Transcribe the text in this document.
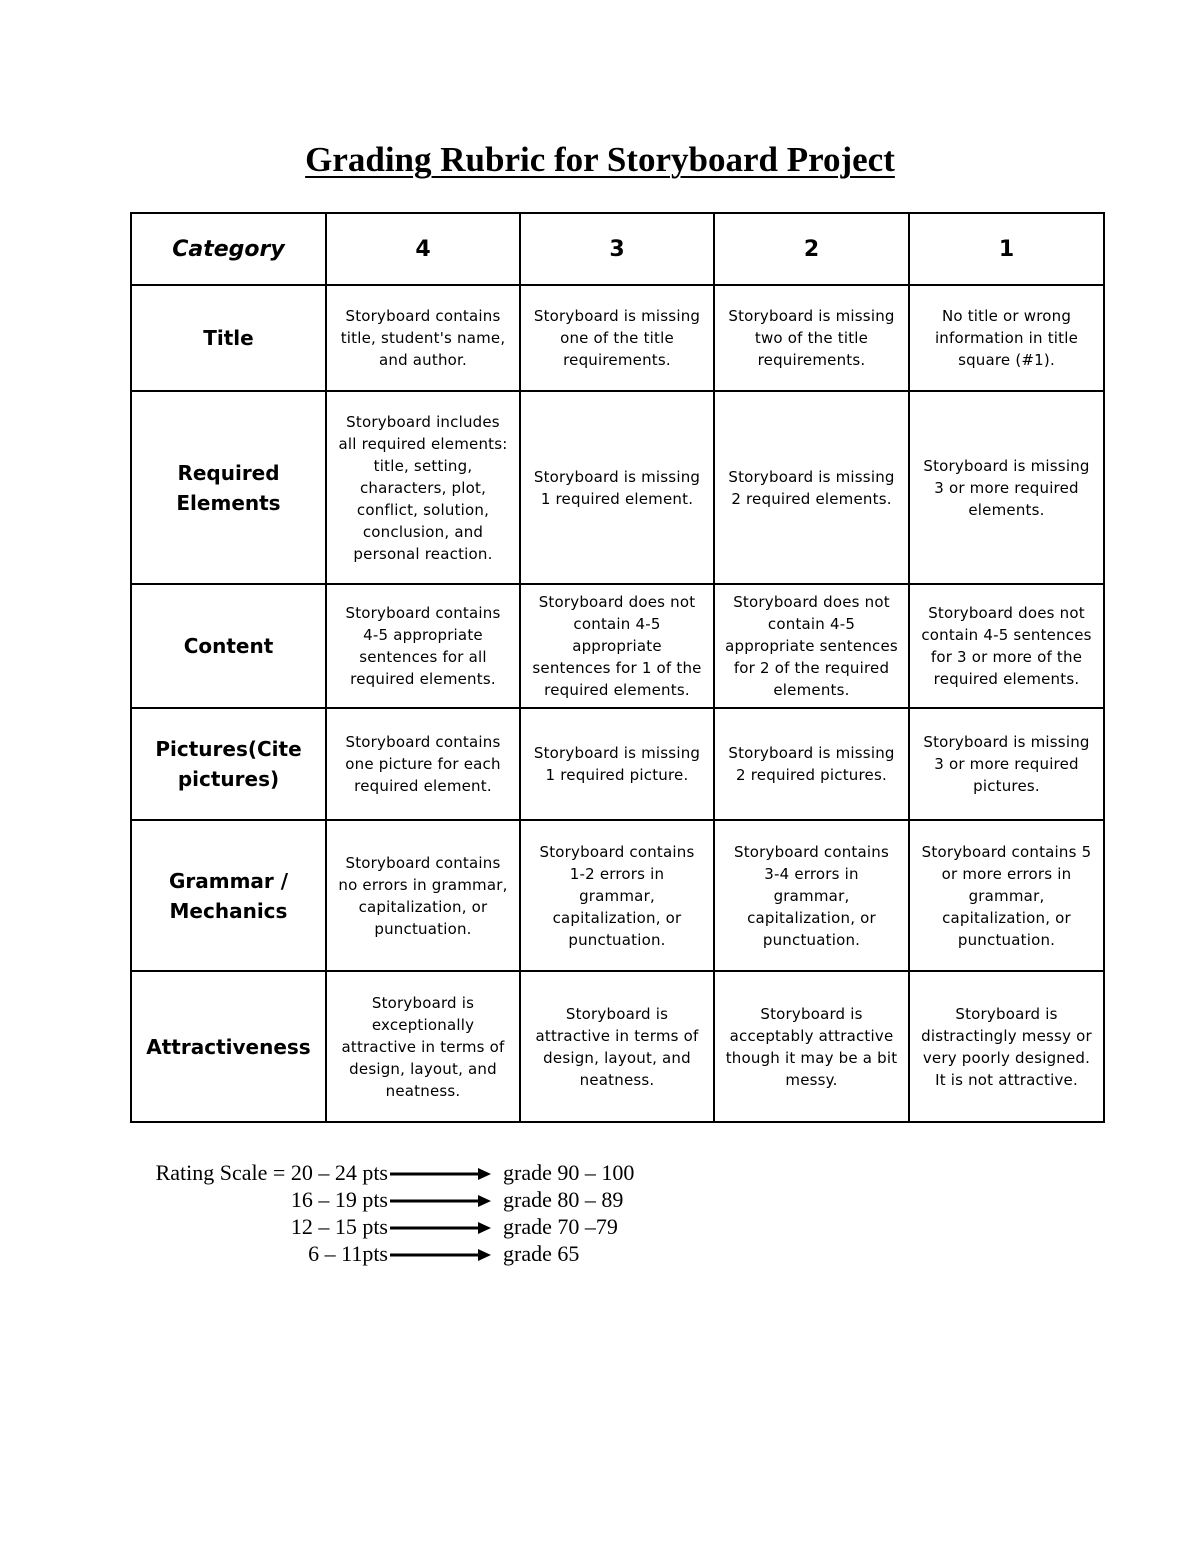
Grading Rubric for Storyboard Project
Category	4	3	2	1
Title	Storyboard contains title, student's name, and author.	Storyboard is missing one of the title requirements.	Storyboard is missing two of the title requirements.	No title or wrong information in title square (#1).
Required Elements	Storyboard includes all required elements: title, setting, characters, plot, conflict, solution, conclusion, and personal reaction.	Storyboard is missing 1 required element.	Storyboard is missing 2 required elements.	Storyboard is missing 3 or more required elements.
Content	Storyboard contains 4-5 appropriate sentences for all required elements.	Storyboard does not contain 4-5 appropriate sentences for 1 of the required elements.	Storyboard does not contain 4-5 appropriate sentences for 2 of the required elements.	Storyboard does not contain 4-5 sentences for 3 or more of the required elements.
Pictures(Cite pictures)	Storyboard contains one picture for each required element.	Storyboard is missing 1 required picture.	Storyboard is missing 2 required pictures.	Storyboard is missing 3 or more required pictures.
Grammar / Mechanics	Storyboard contains no errors in grammar, capitalization, or punctuation.	Storyboard contains 1-2 errors in grammar, capitalization, or punctuation.	Storyboard contains 3-4 errors in grammar, capitalization, or punctuation.	Storyboard contains 5 or more errors in grammar, capitalization, or punctuation.
Attractiveness	Storyboard is exceptionally attractive in terms of design, layout, and neatness.	Storyboard is attractive in terms of design, layout, and neatness.	Storyboard is acceptably attractive though it may be a bit messy.	Storyboard is distractingly messy or very poorly designed. It is not attractive.
Rating Scale = 20 – 24 pts	grade 90 – 100
16 – 19 pts	grade 80 – 89
12 – 15 pts	grade 70 –79
6 – 11pts	grade 65
